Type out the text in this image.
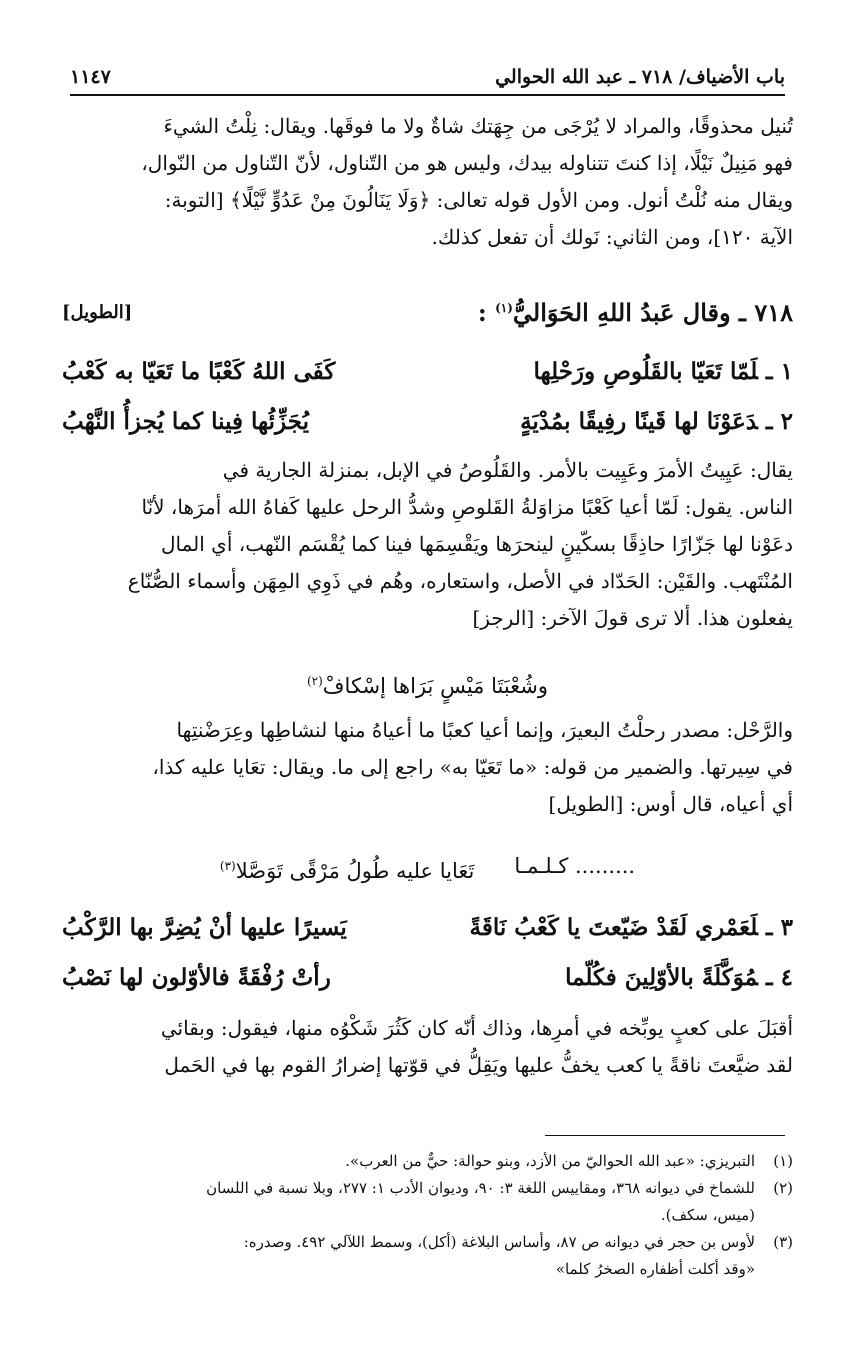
باب الأضياف/ ٧١٨ ـ عبد الله الحوالي
١١٤٧

تُنيل محذوقًا، والمراد لا يُرْجَى من جِهَتك شاةٌ ولا ما فوقَها. ويقال: نِلْتُ الشيءَ

فهو مَنِيلٌ نَيْلًا، إذا كنتَ تتناوله بيدك، وليس هو من التّناول، لأنّ التّناول من النّوال،

ويقال منه نُلْتُ أنول. ومن الأول قوله تعالى: ﴿وَلَا يَنَالُونَ مِنْ عَدُوٍّ نَّيْلًا﴾ [التوبة:

الآية ١٢٠]، ومن الثاني: نَولك أن تفعل كذلك.

٧١٨ ـ وقال عَبدُ اللهِ الحَوَاليُّ$^{(١)}$ :
[الطويل]
١ ـلَمّا تَعَيّا بالقَلُوصِ ورَحْلِها
كَفَى اللهُ كَعْبًا ما تَعَيّا به كَعْبُ
٢ ـدَعَوْنَا لها قَينًا رفِيقًا بمُدْيَةٍ
يُجَزِّئُها فِينا كما يُجزأُ النَّهْبُ

يقال: عَيِيتُ الأمرَ وعَيِيت بالأمر. والقَلُوصُ في الإبل، بمنزلة الجارية في

الناس. يقول: لَمّا أعيا كَعْبًا مزاوَلةُ القَلوصِ وشدُّ الرحل عليها كَفاهُ الله أمرَها، لأنّا

دعَوْنا لها جَزّارًا حاذِقًا بسكّينٍ لينحرَها ويَقْسِمَها فينا كما يُقْسَم النّهب، أي المال

المُنْتَهب. والقَيْن: الحَدّاد في الأصل، واستعاره، وهُم في ذَوِي المِهَن وأسماء الصُّنّاع

يفعلون هذا. ألا ترى قولَ الآخر: [الرجز]

وشُعْبَتَا مَيْسٍ بَرَاها إسْكافْ$^{(٢)}$

والرَّحْل: مصدر رحلْتُ البعيرَ، وإنما أعيا كعبًا ما أعياهُ منها لنشاطِها وعِرَضْنتِها

في سِيرتها. والضمير من قوله: «ما تَعَيّا به» راجع إلى ما. ويقال: تعَايا عليه كذا،

أي أعياه، قال أوس: [الطويل]

......... كـلـمـا
تَعَايا عليه طُولُ مَرْقًى تَوَصَّلا$^{(٣)}$
٣ ـلَعَمْري لَقَدْ ضَيّعتَ يا كَعْبُ نَاقَةً
يَسيرًا عليها أنْ يُضِرَّ بها الرَّكْبُ
٤ ـمُوَكَّلَةً بالأوّلِينَ فكُلّما
رأتْ رُفْقَةً فالأوّلون لها نَصْبُ

أقبَلَ على كعبٍ يوبِّخه في أمرِها، وذاك أنّه كان كَثُرَ شَكْوُه منها، فيقول: وبقائي

لقد ضيَّعتَ ناقةً يا كعب يخفُّ عليها ويَقِلُّ في قوّتها إضرارُ القوم بها في الحَمل

(١)
التبريزي: «عبد الله الحواليّ من الأزد، وبنو حوالة: حيٌّ من العرب».
(٢)
للشماخ في ديوانه ٣٦٨، ومقاييس اللغة ٣: ٩٠، وديوان الأدب ١: ٢٧٧، وبلا نسبة في اللسان
(ميس، سكف).
(٣)
لأوس بن حجر في ديوانه ص ٨٧، وأساس البلاغة (أكل)، وسمط اللآلي ٤٩٢. وصدره:
«وقد أكلت أظفاره الصخرُ كلما»
